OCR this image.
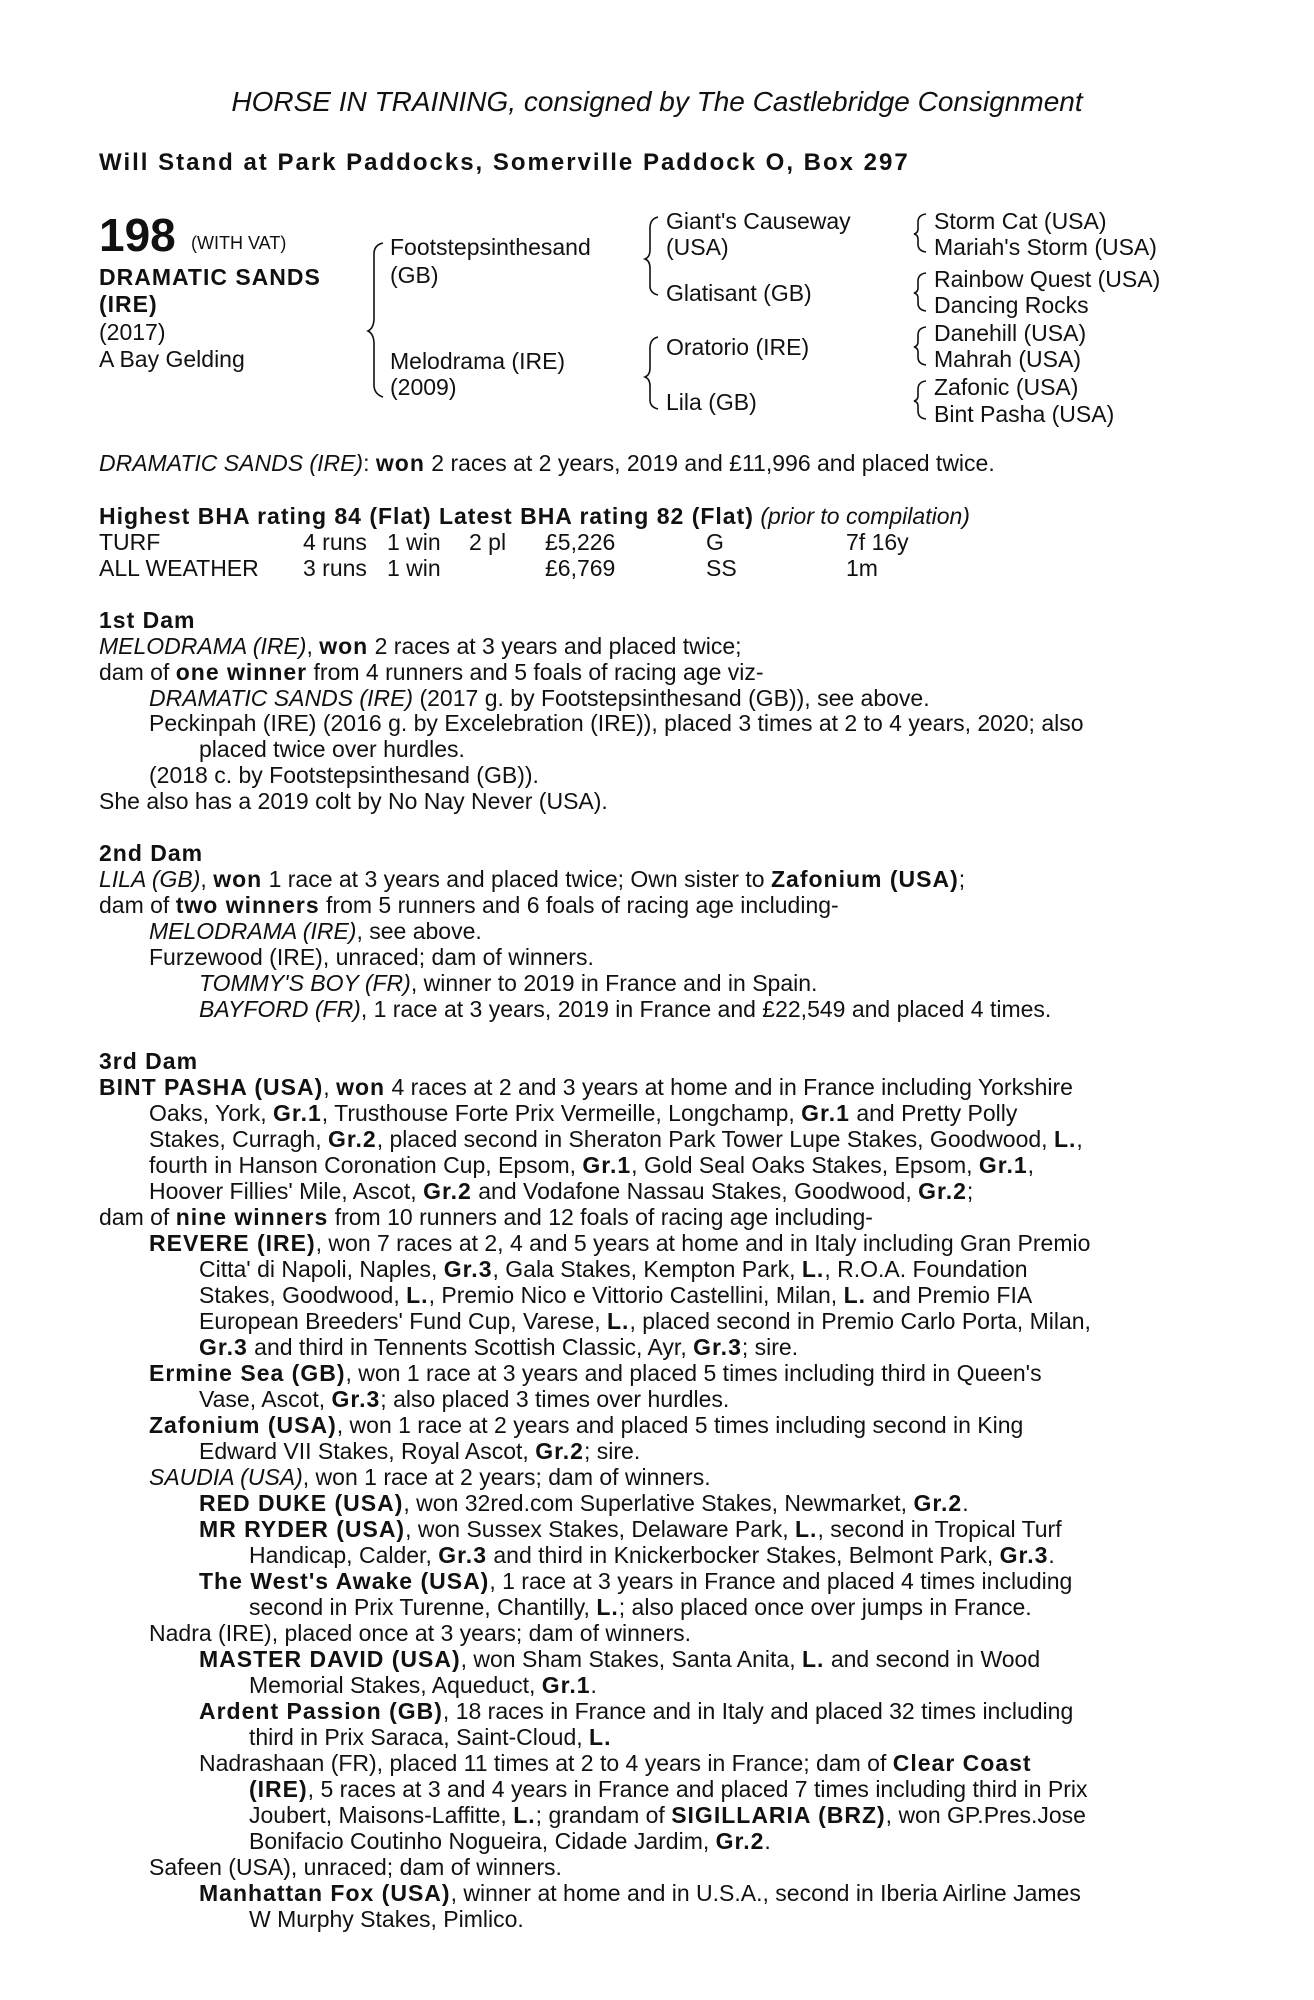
HORSE IN TRAINING, consigned by The Castlebridge Consignment
Will Stand at Park Paddocks, Somerville Paddock O, Box 297
198 (WITH VAT)
DRAMATIC SANDS
(IRE)
(2017)
A Bay Gelding
Footstepsinthesand
(GB)
Melodrama (IRE)
(2009)
Giant's Causeway
(USA)
Glatisant (GB)
Oratorio (IRE)
Lila (GB)
Storm Cat (USA)
Mariah's Storm (USA)
Rainbow Quest (USA)
Dancing Rocks
Danehill (USA)
Mahrah (USA)
Zafonic (USA)
Bint Pasha (USA)
DRAMATIC SANDS (IRE): won 2 races at 2 years, 2019 and £11,996 and placed twice.
Highest BHA rating 84 (Flat) Latest BHA rating 82 (Flat) (prior to compilation)
TURF	4 runs 1 win 2 pl £5,226	G	7f 16y
ALL WEATHER 3 runs 1 win	£6,769	SS	1m
1st Dam
MELODRAMA (IRE), won 2 races at 3 years and placed twice;
dam of one winner from 4 runners and 5 foals of racing age viz-
DRAMATIC SANDS (IRE) (2017 g. by Footstepsinthesand (GB)), see above.
Peckinpah (IRE) (2016 g. by Excelebration (IRE)), placed 3 times at 2 to 4 years, 2020; also
placed twice over hurdles.
(2018 c. by Footstepsinthesand (GB)).
She also has a 2019 colt by No Nay Never (USA).
2nd Dam
LILA (GB), won 1 race at 3 years and placed twice; Own sister to Zafonium (USA);
dam of two winners from 5 runners and 6 foals of racing age including-
MELODRAMA (IRE), see above.
Furzewood (IRE), unraced; dam of winners.
TOMMY'S BOY (FR), winner to 2019 in France and in Spain.
BAYFORD (FR), 1 race at 3 years, 2019 in France and £22,549 and placed 4 times.
3rd Dam
BINT PASHA (USA), won 4 races at 2 and 3 years at home and in France including Yorkshire
Oaks, York, Gr.1, Trusthouse Forte Prix Vermeille, Longchamp, Gr.1 and Pretty Polly
Stakes, Curragh, Gr.2, placed second in Sheraton Park Tower Lupe Stakes, Goodwood, L.,
fourth in Hanson Coronation Cup, Epsom, Gr.1, Gold Seal Oaks Stakes, Epsom, Gr.1,
Hoover Fillies' Mile, Ascot, Gr.2 and Vodafone Nassau Stakes, Goodwood, Gr.2;
dam of nine winners from 10 runners and 12 foals of racing age including-
REVERE (IRE), won 7 races at 2, 4 and 5 years at home and in Italy including Gran Premio
Citta' di Napoli, Naples, Gr.3, Gala Stakes, Kempton Park, L., R.O.A. Foundation
Stakes, Goodwood, L., Premio Nico e Vittorio Castellini, Milan, L. and Premio FIA
European Breeders' Fund Cup, Varese, L., placed second in Premio Carlo Porta, Milan,
Gr.3 and third in Tennents Scottish Classic, Ayr, Gr.3; sire.
Ermine Sea (GB), won 1 race at 3 years and placed 5 times including third in Queen's
Vase, Ascot, Gr.3; also placed 3 times over hurdles.
Zafonium (USA), won 1 race at 2 years and placed 5 times including second in King
Edward VII Stakes, Royal Ascot, Gr.2; sire.
SAUDIA (USA), won 1 race at 2 years; dam of winners.
RED DUKE (USA), won 32red.com Superlative Stakes, Newmarket, Gr.2.
MR RYDER (USA), won Sussex Stakes, Delaware Park, L., second in Tropical Turf
Handicap, Calder, Gr.3 and third in Knickerbocker Stakes, Belmont Park, Gr.3.
The West's Awake (USA), 1 race at 3 years in France and placed 4 times including
second in Prix Turenne, Chantilly, L.; also placed once over jumps in France.
Nadra (IRE), placed once at 3 years; dam of winners.
MASTER DAVID (USA), won Sham Stakes, Santa Anita, L. and second in Wood
Memorial Stakes, Aqueduct, Gr.1.
Ardent Passion (GB), 18 races in France and in Italy and placed 32 times including
third in Prix Saraca, Saint-Cloud, L.
Nadrashaan (FR), placed 11 times at 2 to 4 years in France; dam of Clear Coast
(IRE), 5 races at 3 and 4 years in France and placed 7 times including third in Prix
Joubert, Maisons-Laffitte, L.; grandam of SIGILLARIA (BRZ), won GP.Pres.Jose
Bonifacio Coutinho Nogueira, Cidade Jardim, Gr.2.
Safeen (USA), unraced; dam of winners.
Manhattan Fox (USA), winner at home and in U.S.A., second in Iberia Airline James
W Murphy Stakes, Pimlico.
